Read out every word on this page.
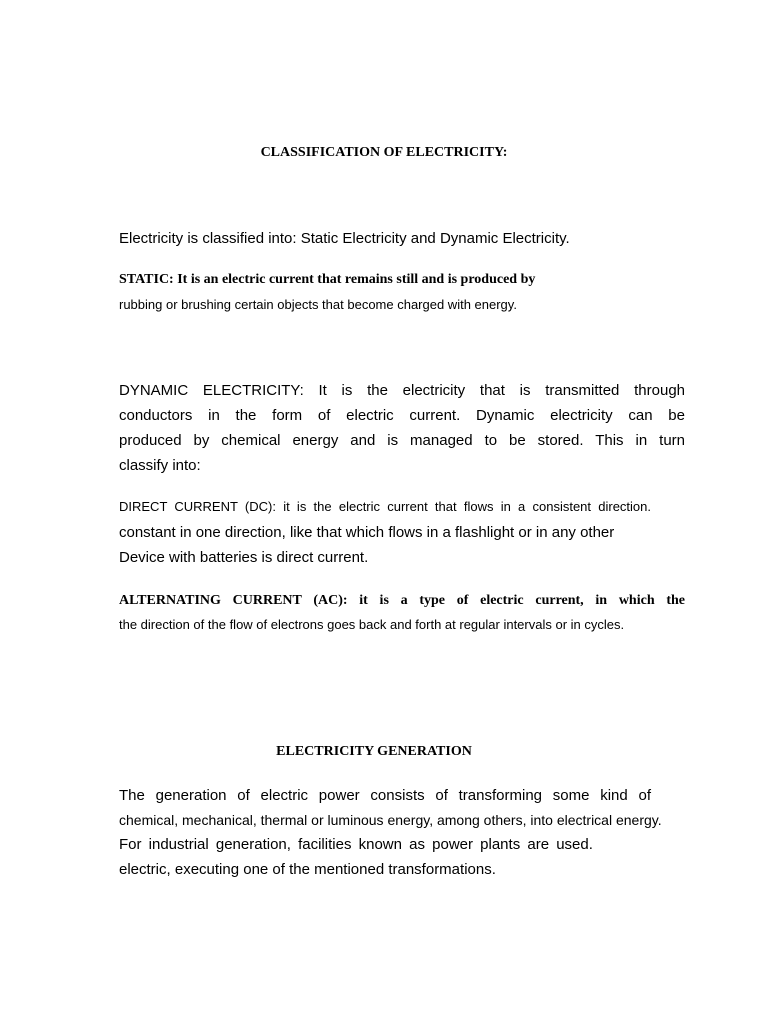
CLASSIFICATION OF ELECTRICITY:

Electricity is classified into: Static Electricity and Dynamic Electricity.

STATIC: It is an electric current that remains still and is produced by

rubbing or brushing certain objects that become charged with energy.

DYNAMIC ELECTRICITY: It is the electricity that is transmitted through

conductors in the form of electric current. Dynamic electricity can be

produced by chemical energy and is managed to be stored. This in turn

classify into:

DIRECT CURRENT (DC): it is the electric current that flows in a consistent direction.

constant in one direction, like that which flows in a flashlight or in any other

Device with batteries is direct current.

ALTERNATING CURRENT (AC): it is a type of electric current, in which the

the direction of the flow of electrons goes back and forth at regular intervals or in cycles.

ELECTRICITY GENERATION

The generation of electric power consists of transforming some kind of

chemical, mechanical, thermal or luminous energy, among others, into electrical energy.

For industrial generation, facilities known as power plants are used.

electric, executing one of the mentioned transformations.
